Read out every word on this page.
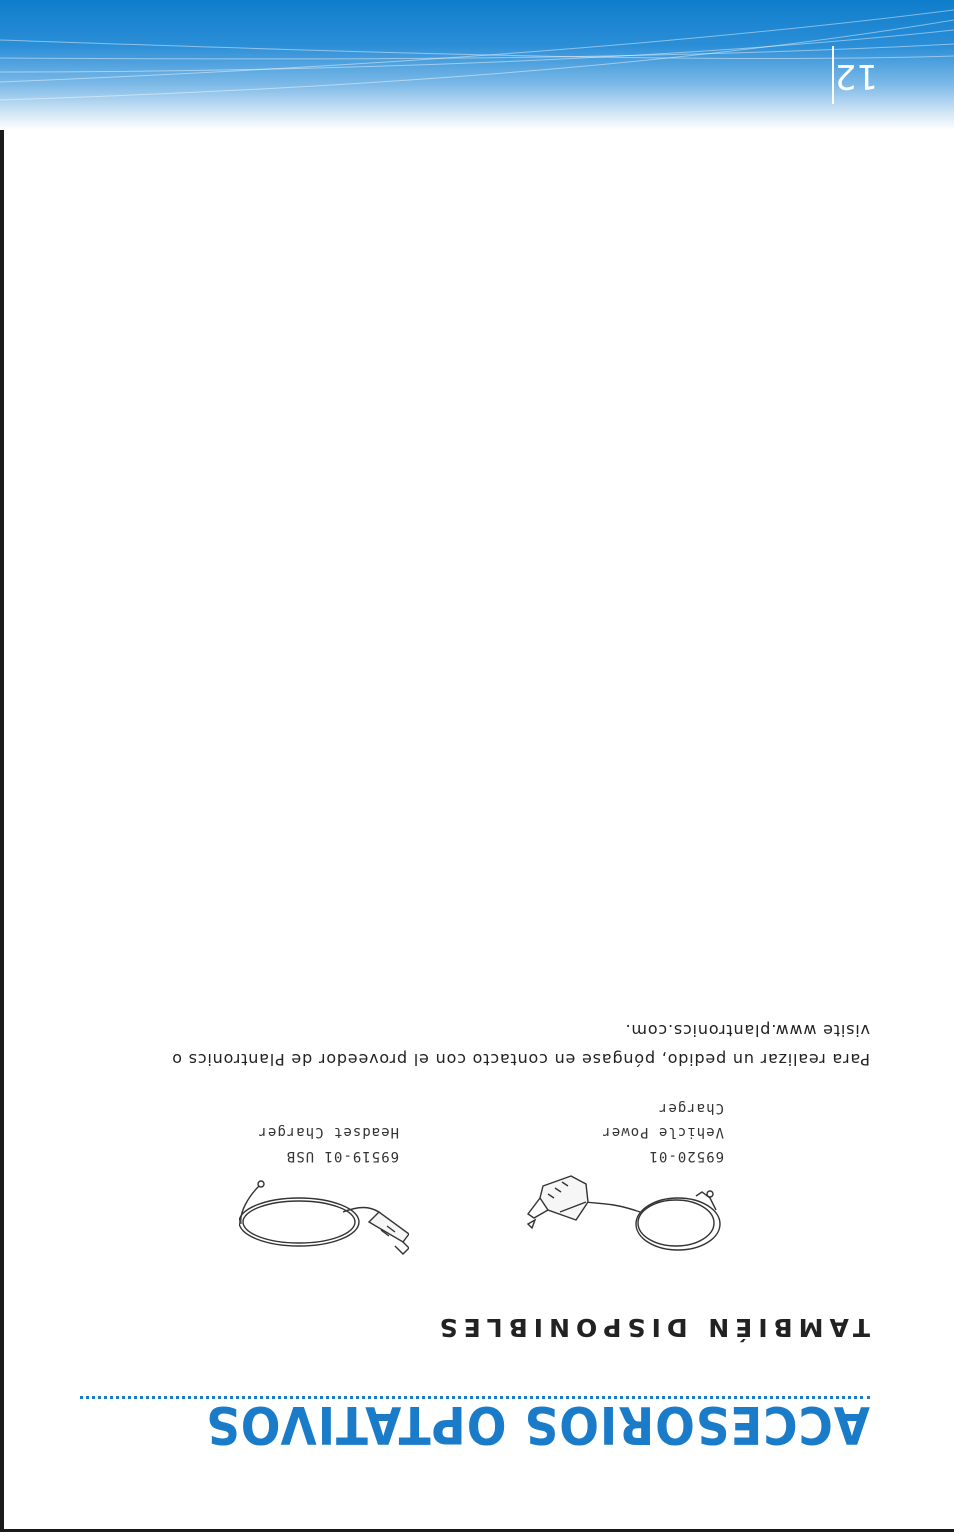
ACCESORIOS OPTATIVOS
TAMBIÉN DISPONIBLES
69520-01
Vehicle Power
Charger
69519-01 USB
Headset Charger
Para realizar un pedido, póngase en contacto con el proveedor de Plantronics o
visite www.plantronics.com.
12
